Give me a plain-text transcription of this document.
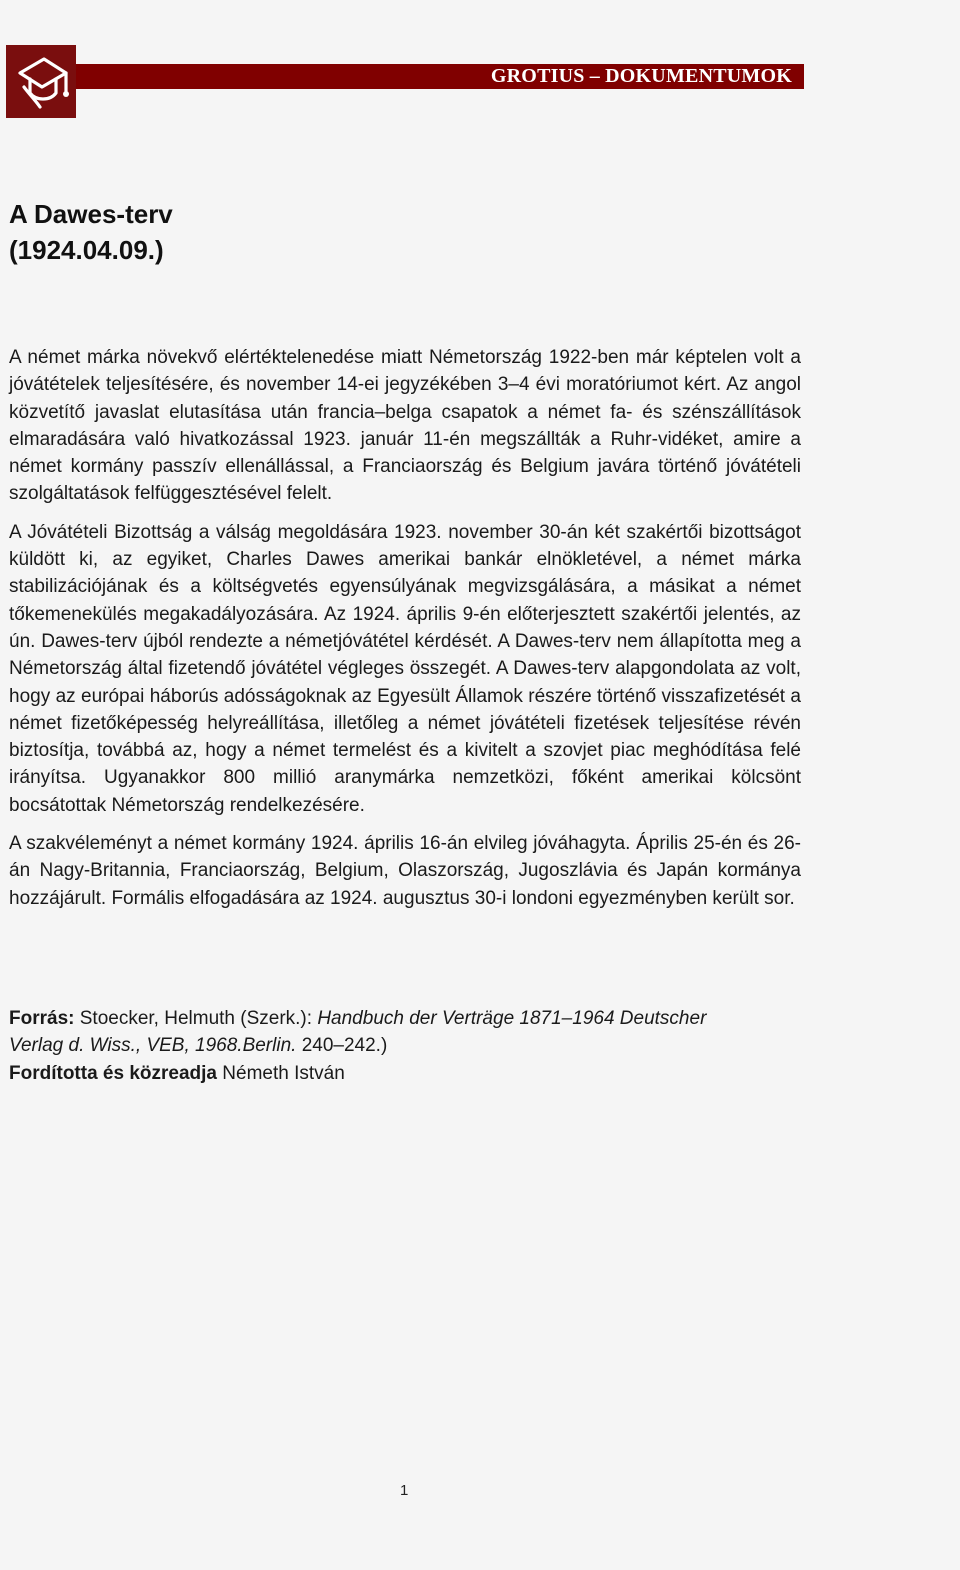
GROTIUS – DOKUMENTUMOK
A Dawes-terv
(1924.04.09.)

A német márka növekvő elértéktelenedése miatt Németország 1922-ben már képtelen volt a jóvátételek teljesítésére, és november 14-ei jegyzékében 3–4 évi moratóriumot kért. Az angol közvetítő javaslat elutasítása után francia–belga csapatok a német fa- és szénszállítások elmaradására való hivatkozással 1923. január 11-én megszállták a Ruhr-vidéket, amire a német kormány passzív ellenállással, a Franciaország és Belgium javára történő jóvátételi szolgáltatások felfüggesztésével felelt.

A Jóvátételi Bizottság a válság megoldására 1923. november 30-án két szakértői bizottságot küldött ki, az egyiket, Charles Dawes amerikai bankár elnökletével, a német márka stabilizációjának és a költségvetés egyensúlyának megvizsgálására, a másikat a német tőkemenekülés megakadályozására. Az 1924. április 9-én előterjesztett szakértői jelentés, az ún. Dawes-terv újból rendezte a németjóvátétel kérdését. A Dawes-terv nem állapította meg a Németország által fizetendő jóvátétel végleges összegét. A Dawes-terv alapgondolata az volt, hogy az európai háborús adósságoknak az Egyesült Államok részére történő visszafizetését a német fizetőképesség helyreállítása, illetőleg a német jóvátételi fizetések teljesítése révén biztosítja, továbbá az, hogy a német termelést és a kivitelt a szovjet piac meghódítása felé irányítsa. Ugyanakkor 800 millió aranymárka nemzetközi, főként amerikai kölcsönt bocsátottak Németország rendelkezésére.

A szakvéleményt a német kormány 1924. április 16-án elvileg jóváhagyta. Április 25-én és 26-án Nagy-Britannia, Franciaország, Belgium, Olaszország, Jugoszlávia és Japán kormánya hozzájárult. Formális elfogadására az 1924. augusztus 30-i londoni egyezményben került sor.

Forrás: Stoecker, Helmuth (Szerk.): Handbuch der Verträge 1871–1964 Deutscher
Verlag d. Wiss., VEB, 1968.Berlin. 240–242.)
Fordította és közreadja Németh István
1
